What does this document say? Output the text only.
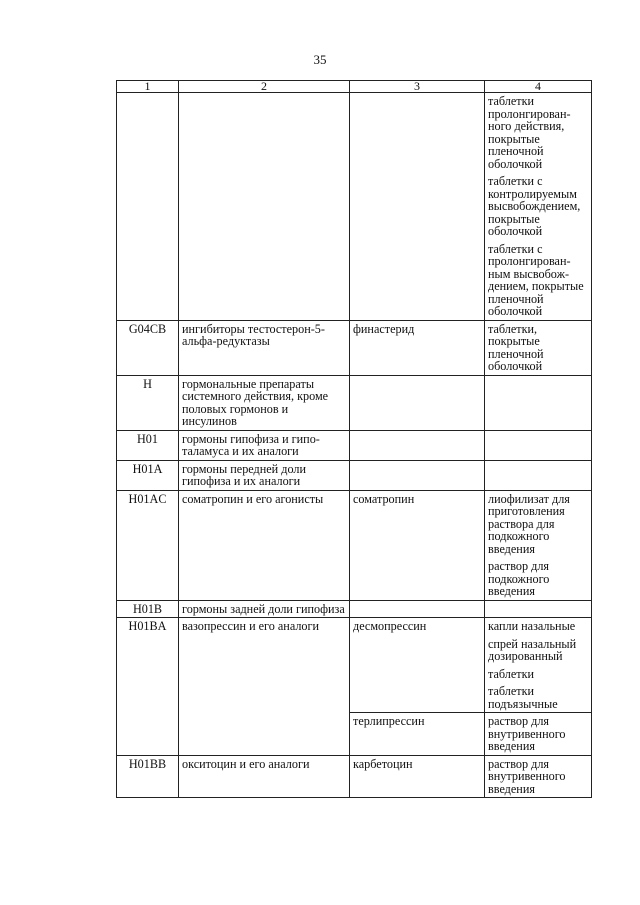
35
1	2	3	4

			таблетки пролонгирован-ного действия, покрытые пленочной оболочкой
таблетки с контролируемым высвобождением, покрытые оболочкой
таблетки с пролонгирован-ным высвобож-дением, покрытые пленочной оболочкой

G04CB	ингибиторы тестостерон-5-альфа-редуктазы	финастерид	таблетки, покрытые пленочной оболочкой

H	гормональные препараты системного действия, кроме половых гормонов и инсулинов		
H01	гормоны гипофиза и гипо-таламуса и их аналоги		
H01A	гормоны передней доли гипофиза и их аналоги		
H01AC	соматропин и его агонисты	соматропин	лиофилизат для приготовления раствора для подкожного введения
раствор для подкожного введения

H01B	гормоны задней доли гипофиза		
H01BA	вазопрессин и его аналоги	десмопрессин	капли назальные
спрей назальный дозированный
таблетки
таблетки подъязычные

		терлипрессин	раствор для внутривенного введения

H01BB	окситоцин и его аналоги	карбетоцин	раствор для внутривенного введения
